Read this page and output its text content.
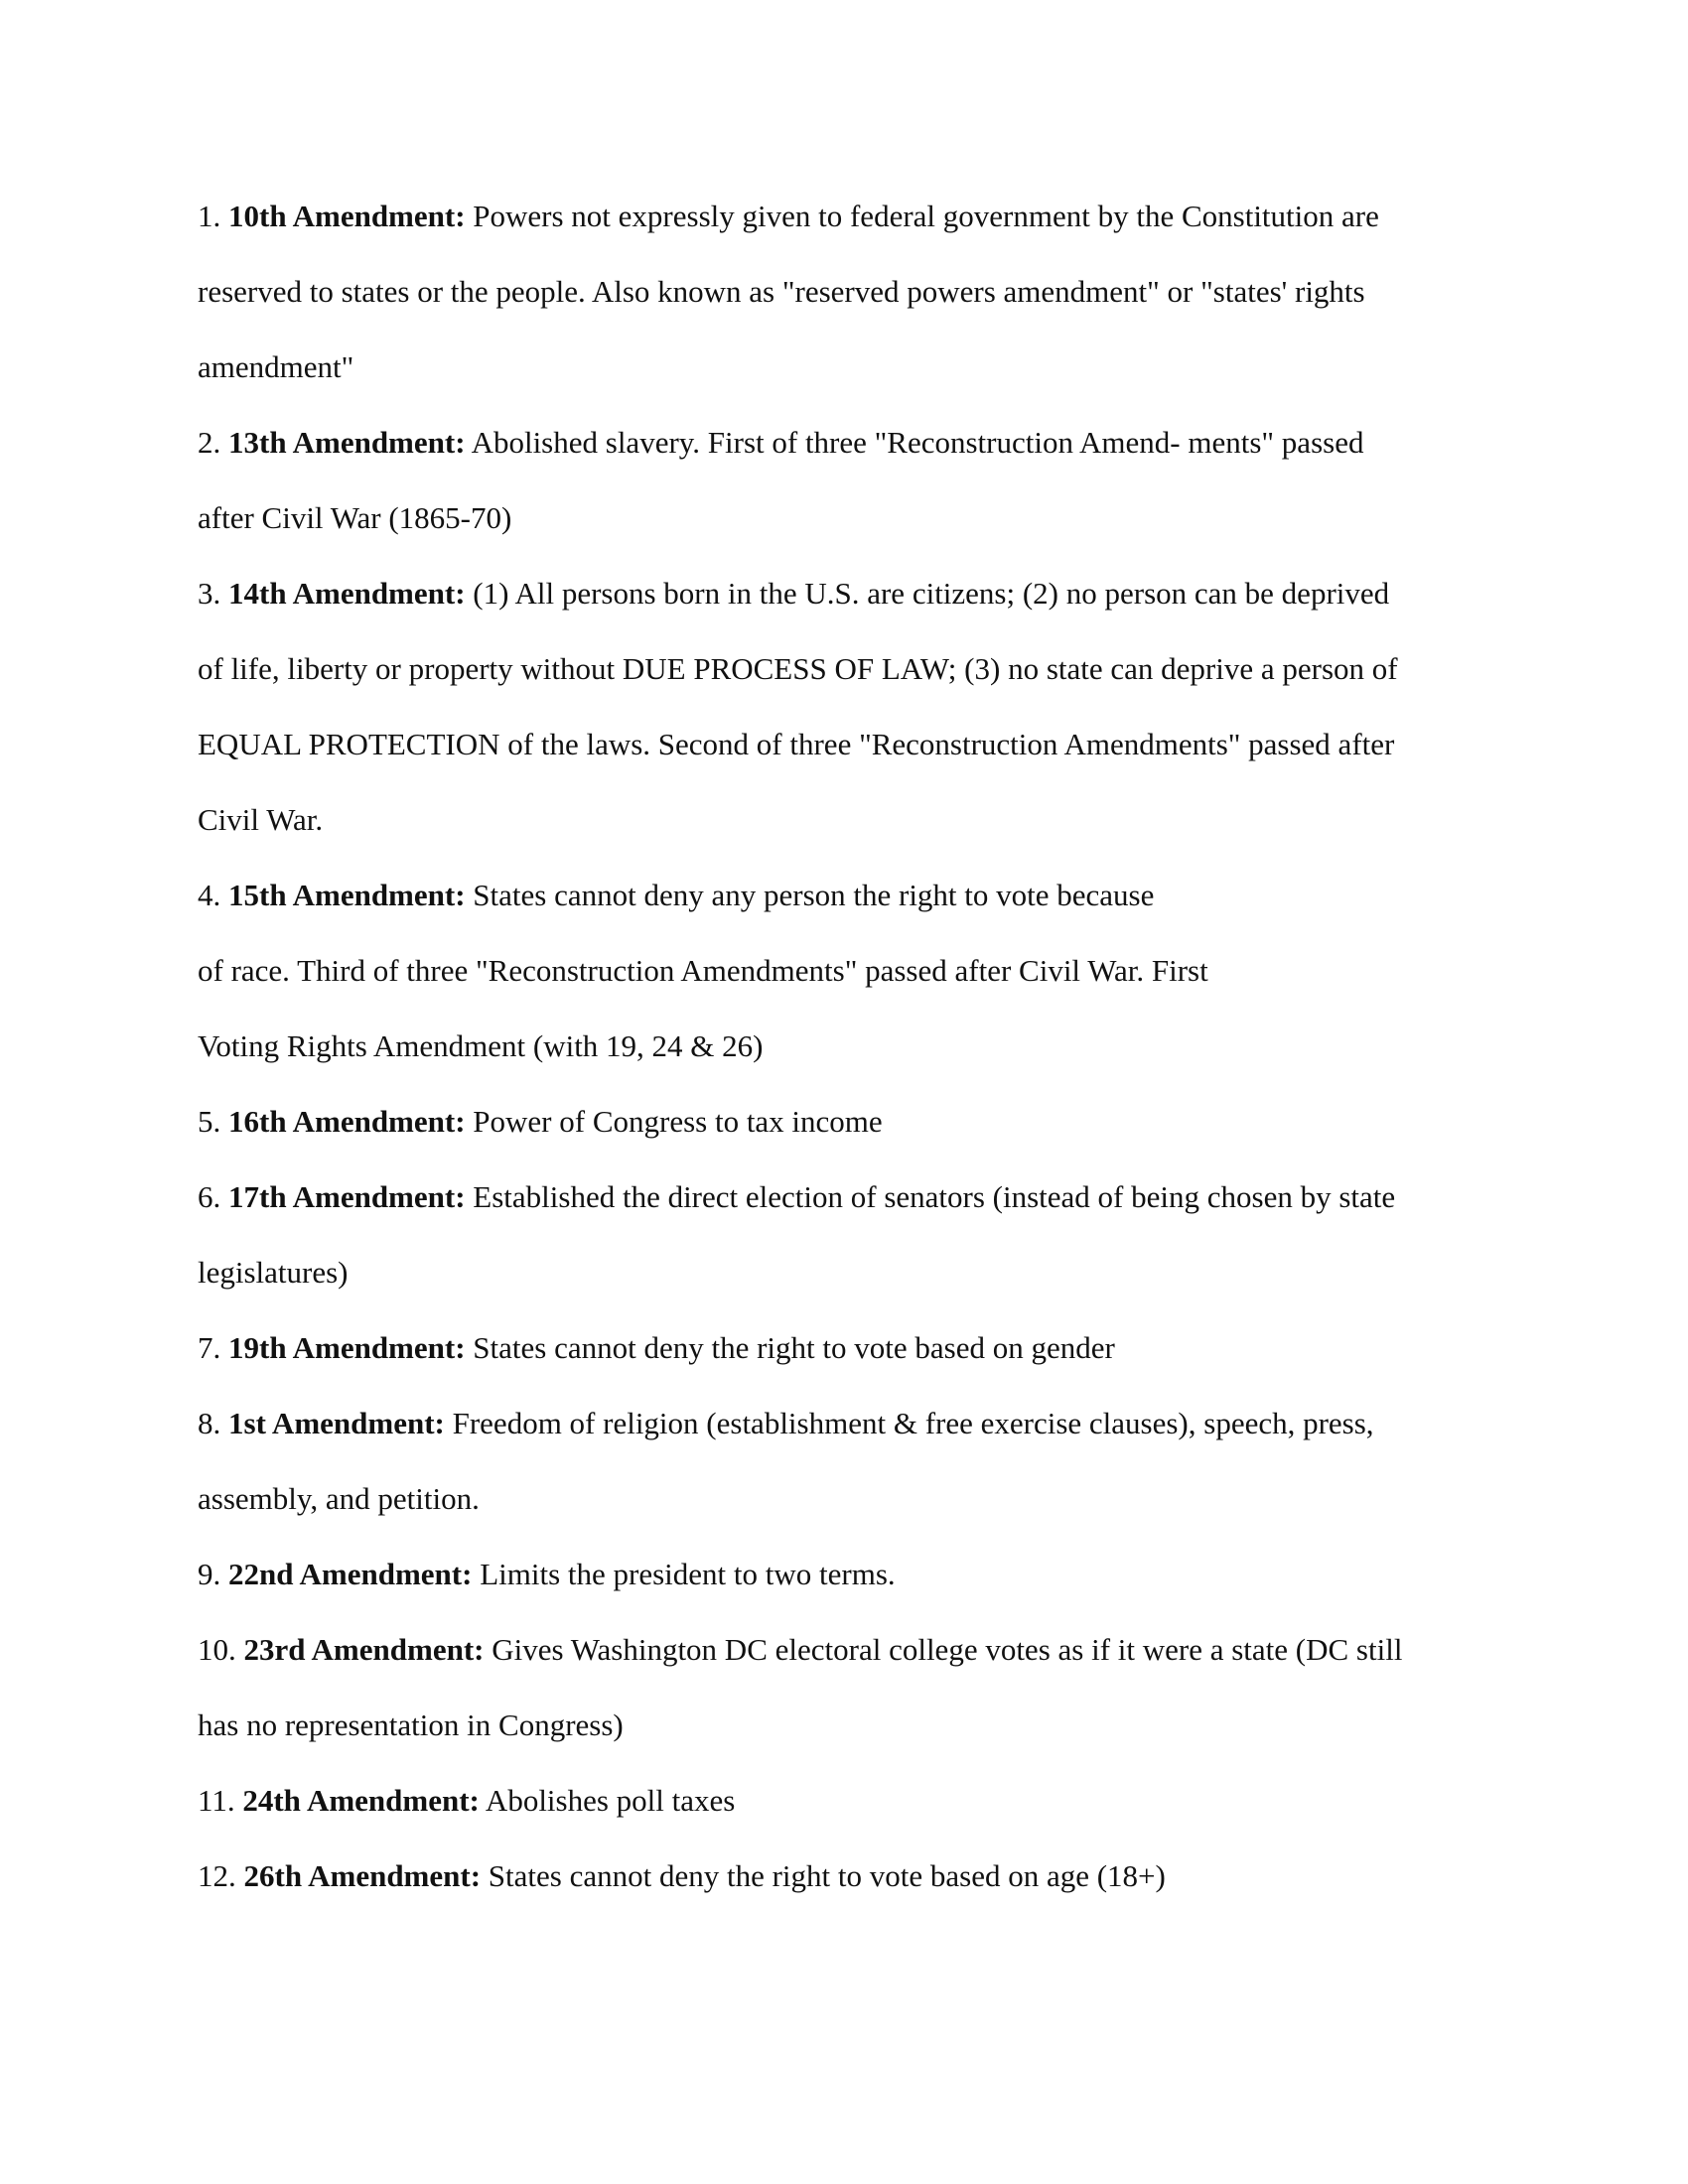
1. 10th Amendment: Powers not expressly given to federal government by the Constitution are
reserved to states or the people. Also known as "reserved powers amendment" or "states' rights
amendment"
2. 13th Amendment: Abolished slavery. First of three "Reconstruction Amend- ments" passed
after Civil War (1865-70)
3. 14th Amendment: (1) All persons born in the U.S. are citizens; (2) no person can be deprived
of life, liberty or property without DUE PROCESS OF LAW; (3) no state can deprive a person of
EQUAL PROTECTION of the laws. Second of three "Reconstruction Amendments" passed after
Civil War.
4. 15th Amendment: States cannot deny any person the right to vote because
of race. Third of three "Reconstruction Amendments" passed after Civil War. First
Voting Rights Amendment (with 19, 24 & 26)
5. 16th Amendment: Power of Congress to tax income
6. 17th Amendment: Established the direct election of senators (instead of being chosen by state
legislatures)
7. 19th Amendment: States cannot deny the right to vote based on gender
8. 1st Amendment: Freedom of religion (establishment & free exercise clauses), speech, press,
assembly, and petition.
9. 22nd Amendment: Limits the president to two terms.
10. 23rd Amendment: Gives Washington DC electoral college votes as if it were a state (DC still
has no representation in Congress)
11. 24th Amendment: Abolishes poll taxes
12. 26th Amendment: States cannot deny the right to vote based on age (18+)
